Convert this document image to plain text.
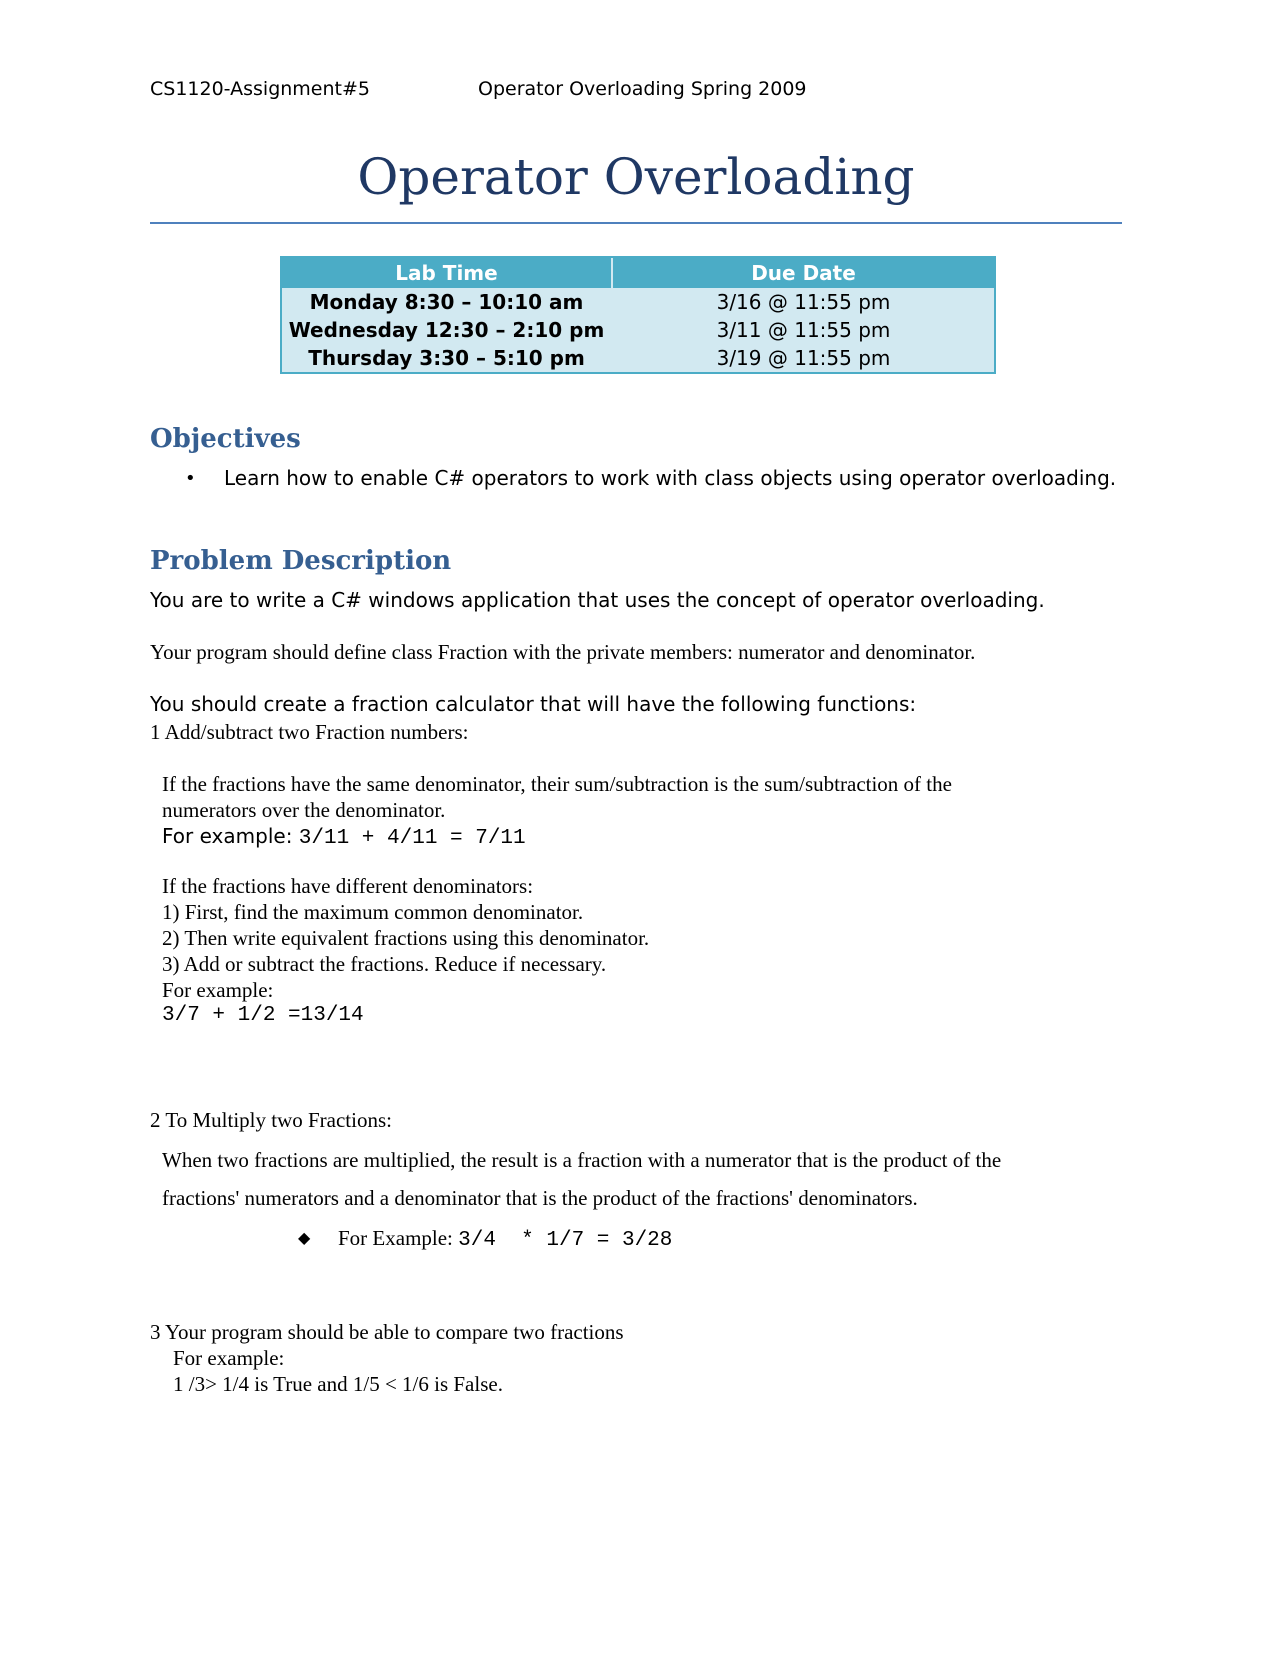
CS1120-Assignment#5	Operator Overloading Spring 2009
Operator Overloading
Lab Time	Due Date
Monday 8:30 – 10:10 am	3/16 @ 11:55 pm
Wednesday 12:30 – 2:10 pm	3/11 @ 11:55 pm
Thursday 3:30 – 5:10 pm	3/19 @ 11:55 pm
Objectives
• Learn how to enable C# operators to work with class objects using operator overloading.
Problem Description
You are to write a C# windows application that uses the concept of operator overloading.
Your program should define class Fraction with the private members: numerator and denominator.
You should create a fraction calculator that will have the following functions:
1 Add/subtract two Fraction numbers:
If the fractions have the same denominator, their sum/subtraction is the sum/subtraction of the
numerators over the denominator.
For example: 3/11 + 4/11 = 7/11
If the fractions have different denominators:
1) First, find the maximum common denominator.
2) Then write equivalent fractions using this denominator.
3) Add or subtract the fractions. Reduce if necessary.
For example:
3/7 + 1/2 =13/14
2 To Multiply two Fractions:
When two fractions are multiplied, the result is a fraction with a numerator that is the product of the
fractions' numerators and a denominator that is the product of the fractions' denominators.
◆ For Example: 3/4  * 1/7 = 3/28
3 Your program should be able to compare two fractions
For example:
1 /3> 1/4 is True and 1/5 < 1/6 is False.
